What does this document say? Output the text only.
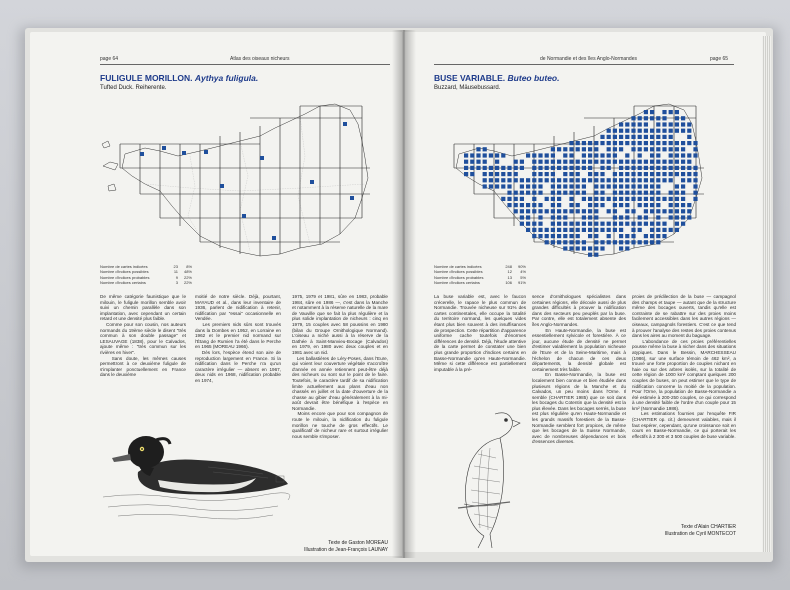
page 64	Atlas des oiseaux nicheurs
FULIGULE MORILLON. Aythya fuligula.
Tufted Duck. Reiherente.
Nombre de cartes indicées	23	8%
Nombre d'indices possibles	11	48%
Nombre d'indices probables	9	22%
Nombre d'indices certains	3	22%
De même catégorie faunistique que le milouin, le fuligule morillon semble avoir suivi un chemin parallèle dans son implantation, avec cependant un certain retard et une densité plus faible.
Comme pour son cousin, nos auteurs normands du 19ème siècle le disent "très commun à son double passage" et LESAUVAGE (1838), pour le Calvados, ajoute même : "très commun sur les rivières en hiver".
Sans doute, les mêmes causes permettront à ce deuxième fuligule de s'implanter ponctuellement en France dans le deuxième
moitié de notre siècle. Déjà, pourtant, MAYAUD et al., dans leur inventaire de 1936, parlent de nidification à retenir, nidification par "essai" occasionnelle en Vendée.
Les premiers nids sûrs sont trouvés dans la Dombes en 1952, en Lorraine en 1962 et le premier nid normand sur l'Étang de Rumien l'a été dans le Perche en 1965 (MOREAU 1966).
Dès lors, l'espèce étend son aire de reproduction largement en France. Si la nidification dans le Perche n'a qu'un caractère irrégulier — absent en 1967, deux nids en 1968, nidification probable en 1974,
1975, 1979 et 1981, sûre en 1983, probable 1984, sûre en 1986 —, c'est dans la Manche et notamment à la réserve naturelle de la mare de Vauville que se fait la plus régulière et la plus solide implantation de nicheurs : cinq en 1979, 15 couples avec 58 poussins en 1980 (bilan du Groupe Ornithologique Normand). L'oiseau a niché aussi à la réserve de la Dathée à Saint-Manvieu-Bocage (Calvados) en 1979, en 1980 avec deux couples et en 1981 avec un nid.
Les ballastières de Léry-Poses, dans l'Eure, qui voient leur couverture végétale s'accroître d'année en année retiennent peut-être déjà des nicheurs ou sont sur le point de le faire. Toutefois, le caractère tardif de sa nidification limite actuellement aux plans d'eau non chassés en juillet et la date d'ouverture de la chasse au gibier d'eau généralement à la mi-août devrait être bénéfique à l'espèce en Normandie.
Moins encore que pour son compagnon de route le milouin, la nidification du fuligule morillon ne touche de gros effectifs. Le qualificatif de nicheur rare et surtout irrégulier nous semble s'imposer.
Texte de Gaston MOREAU
Illustration de Jean-François LAUNAY
de Normandie et des îles Anglo-Normandes	page 65
BUSE VARIABLE. Buteo buteo.
Buzzard, Mäusebussard.
Nombre de cartes indicées	248	90%
Nombre d'indices possibles	12	4%
Nombre d'indices probables	13	5%
Nombre d'indices certains	106	91%
La buse variable est, avec le faucon crécerelle, le rapace le plus commun de Normandie. Trouvée nicheuse sur 91% des cartes continentales, elle occupe la totalité du territoire normand, les quelques vides étant plus bien souvent à des insuffisances de prospection. Cette répartition d'apparence uniforme cache toutefois d'énormes différences de densité. Déjà, l'étude attentive de la carte permet de constater une bien plus grande proportion d'indices certains en Basse-Normandie qu'en Haute-Normandie. Même si cette différence est partiellement imputable à la pré-
sence d'ornithologues spécialistes dans certaines régions, elle découle aussi de plus grandes difficultés à prouver la nidification dans des secteurs peu peuplés par la buse. Par contre, elle est totalement absente des îles Anglo-Normandes.
En Haute-Normandie, la buse est essentiellement sylvicole et forestière. À ce jour, aucune étude de densité ne permet d'estimer valablement la population nicheuse de l'Eure et de la Seine-Maritime, mais à l'échelon de chacun de ces deux départements, la densité globale est certainement très faible.
En Basse-Normandie, la buse est localement bien connue et bien étudiée dans plusieurs régions de la Manche et du Calvados, un peu moins dans l'Orne. Il semble (CHARTIER 1985) que ce soit dans les bocages du Cotentin que la densité est la plus élevée. Dans les bocages serrés, la buse est plus régulière qu'en Haute-Normandie et les grands massifs forestiers de la Basse-Normandie semblent fort propices, de même que les bocages de la Suisse Normande, avec de nombreuses dépendances et bois d'essences diverses.
proies de prédilection de la buse — campagnol des champs et taupe — autant que de la structure même des bocages ouverts, tandis qu'elle est contrainte de se rabattre sur des proies moins facilement accessibles dans les autres régions — oiseaux, campagnols forestiers. C'est ce que tend à prouver l'analyse des restes des proies contenus dans les aires au moment du baguage.
L'abondance de ces proies préférentielles pousse même la buse à nicher dans des situations atypiques. Dans le Bessin, MARCHESSEAU (1986), sur une surface témoin de 462 km², a trouvé une forte proportion de couples nichant en haie ou sur des arbres isolés, sur la totalité de cette région de 1000 km² comptant quelques 200 couples de buses, on peut estimer que le type de nidification concerne la moitié de la population. Pour l'Orne, la population de Basse-Normandie a été estimée à 200-250 couples, ce qui correspond à une densité faible de l'ordre d'un couple pour 15 km² (Normandie 1986).
Les estimations fournies par l'enquête FIR (CHARTIER op. cit.) demeurent valables, mais il faut espérer, cependant, qu'une croissance soit en cours en Basse-Normandie, ce qui porterait les effectifs à 2 300 et 3 500 couples de buse variable.
Texte d'Alain CHARTIER
Illustration de Cyril MONTECOT
